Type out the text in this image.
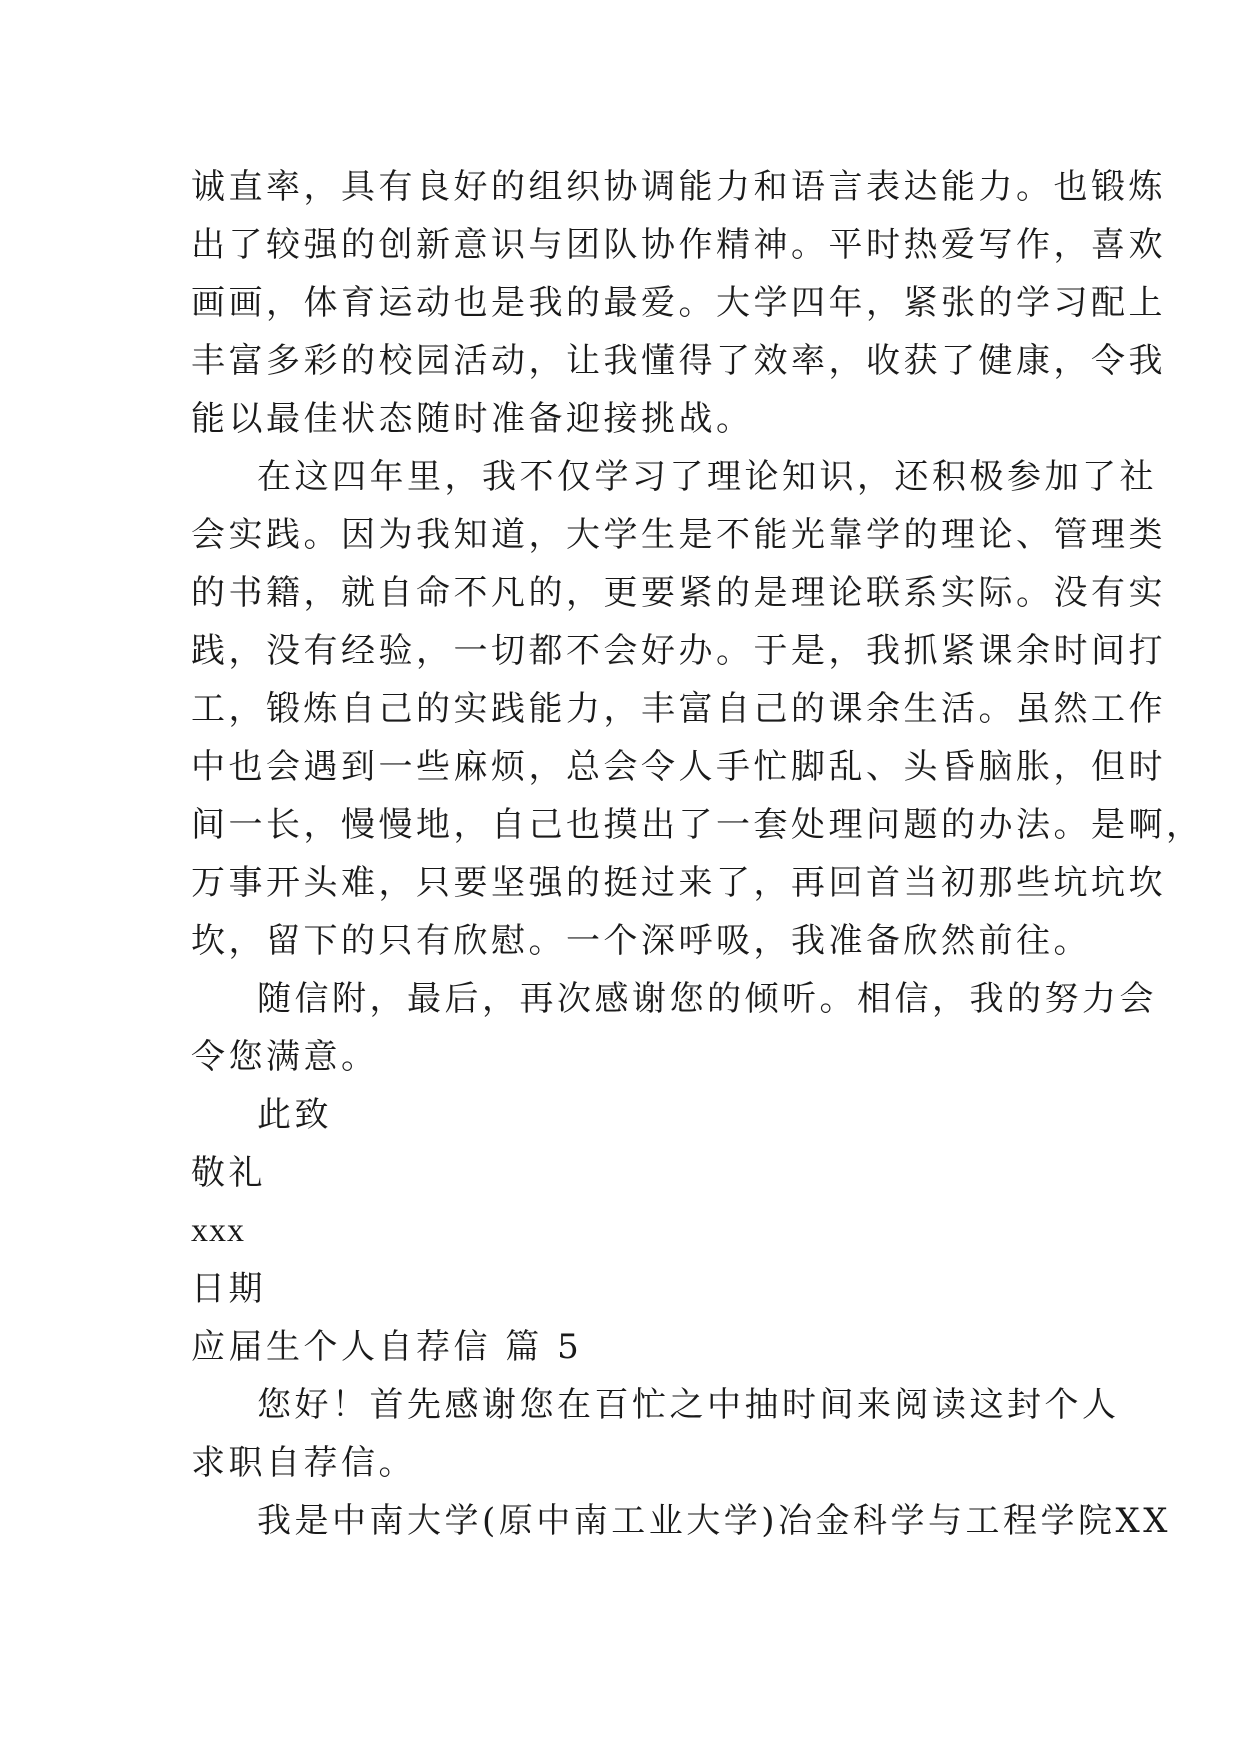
诚直率，具有良好的组织协调能力和语言表达能力。也锻炼
出了较强的创新意识与团队协作精神。平时热爱写作，喜欢
画画，体育运动也是我的最爱。大学四年，紧张的学习配上
丰富多彩的校园活动，让我懂得了效率，收获了健康，令我
能以最佳状态随时准备迎接挑战。
在这四年里，我不仅学习了理论知识，还积极参加了社
会实践。因为我知道，大学生是不能光靠学的理论、管理类
的书籍，就自命不凡的，更要紧的是理论联系实际。没有实
践，没有经验，一切都不会好办。于是，我抓紧课余时间打
工，锻炼自己的实践能力，丰富自己的课余生活。虽然工作
中也会遇到一些麻烦，总会令人手忙脚乱、头昏脑胀，但时
间一长，慢慢地，自己也摸出了一套处理问题的办法。是啊，
万事开头难，只要坚强的挺过来了，再回首当初那些坑坑坎
坎，留下的只有欣慰。一个深呼吸，我准备欣然前往。
随信附，最后，再次感谢您的倾听。相信，我的努力会
令您满意。
此致
敬礼
xxx
日期
应届生个人自荐信 篇 5
您好！首先感谢您在百忙之中抽时间来阅读这封个人
求职自荐信。
我是中南大学(原中南工业大学)冶金科学与工程学院XX
